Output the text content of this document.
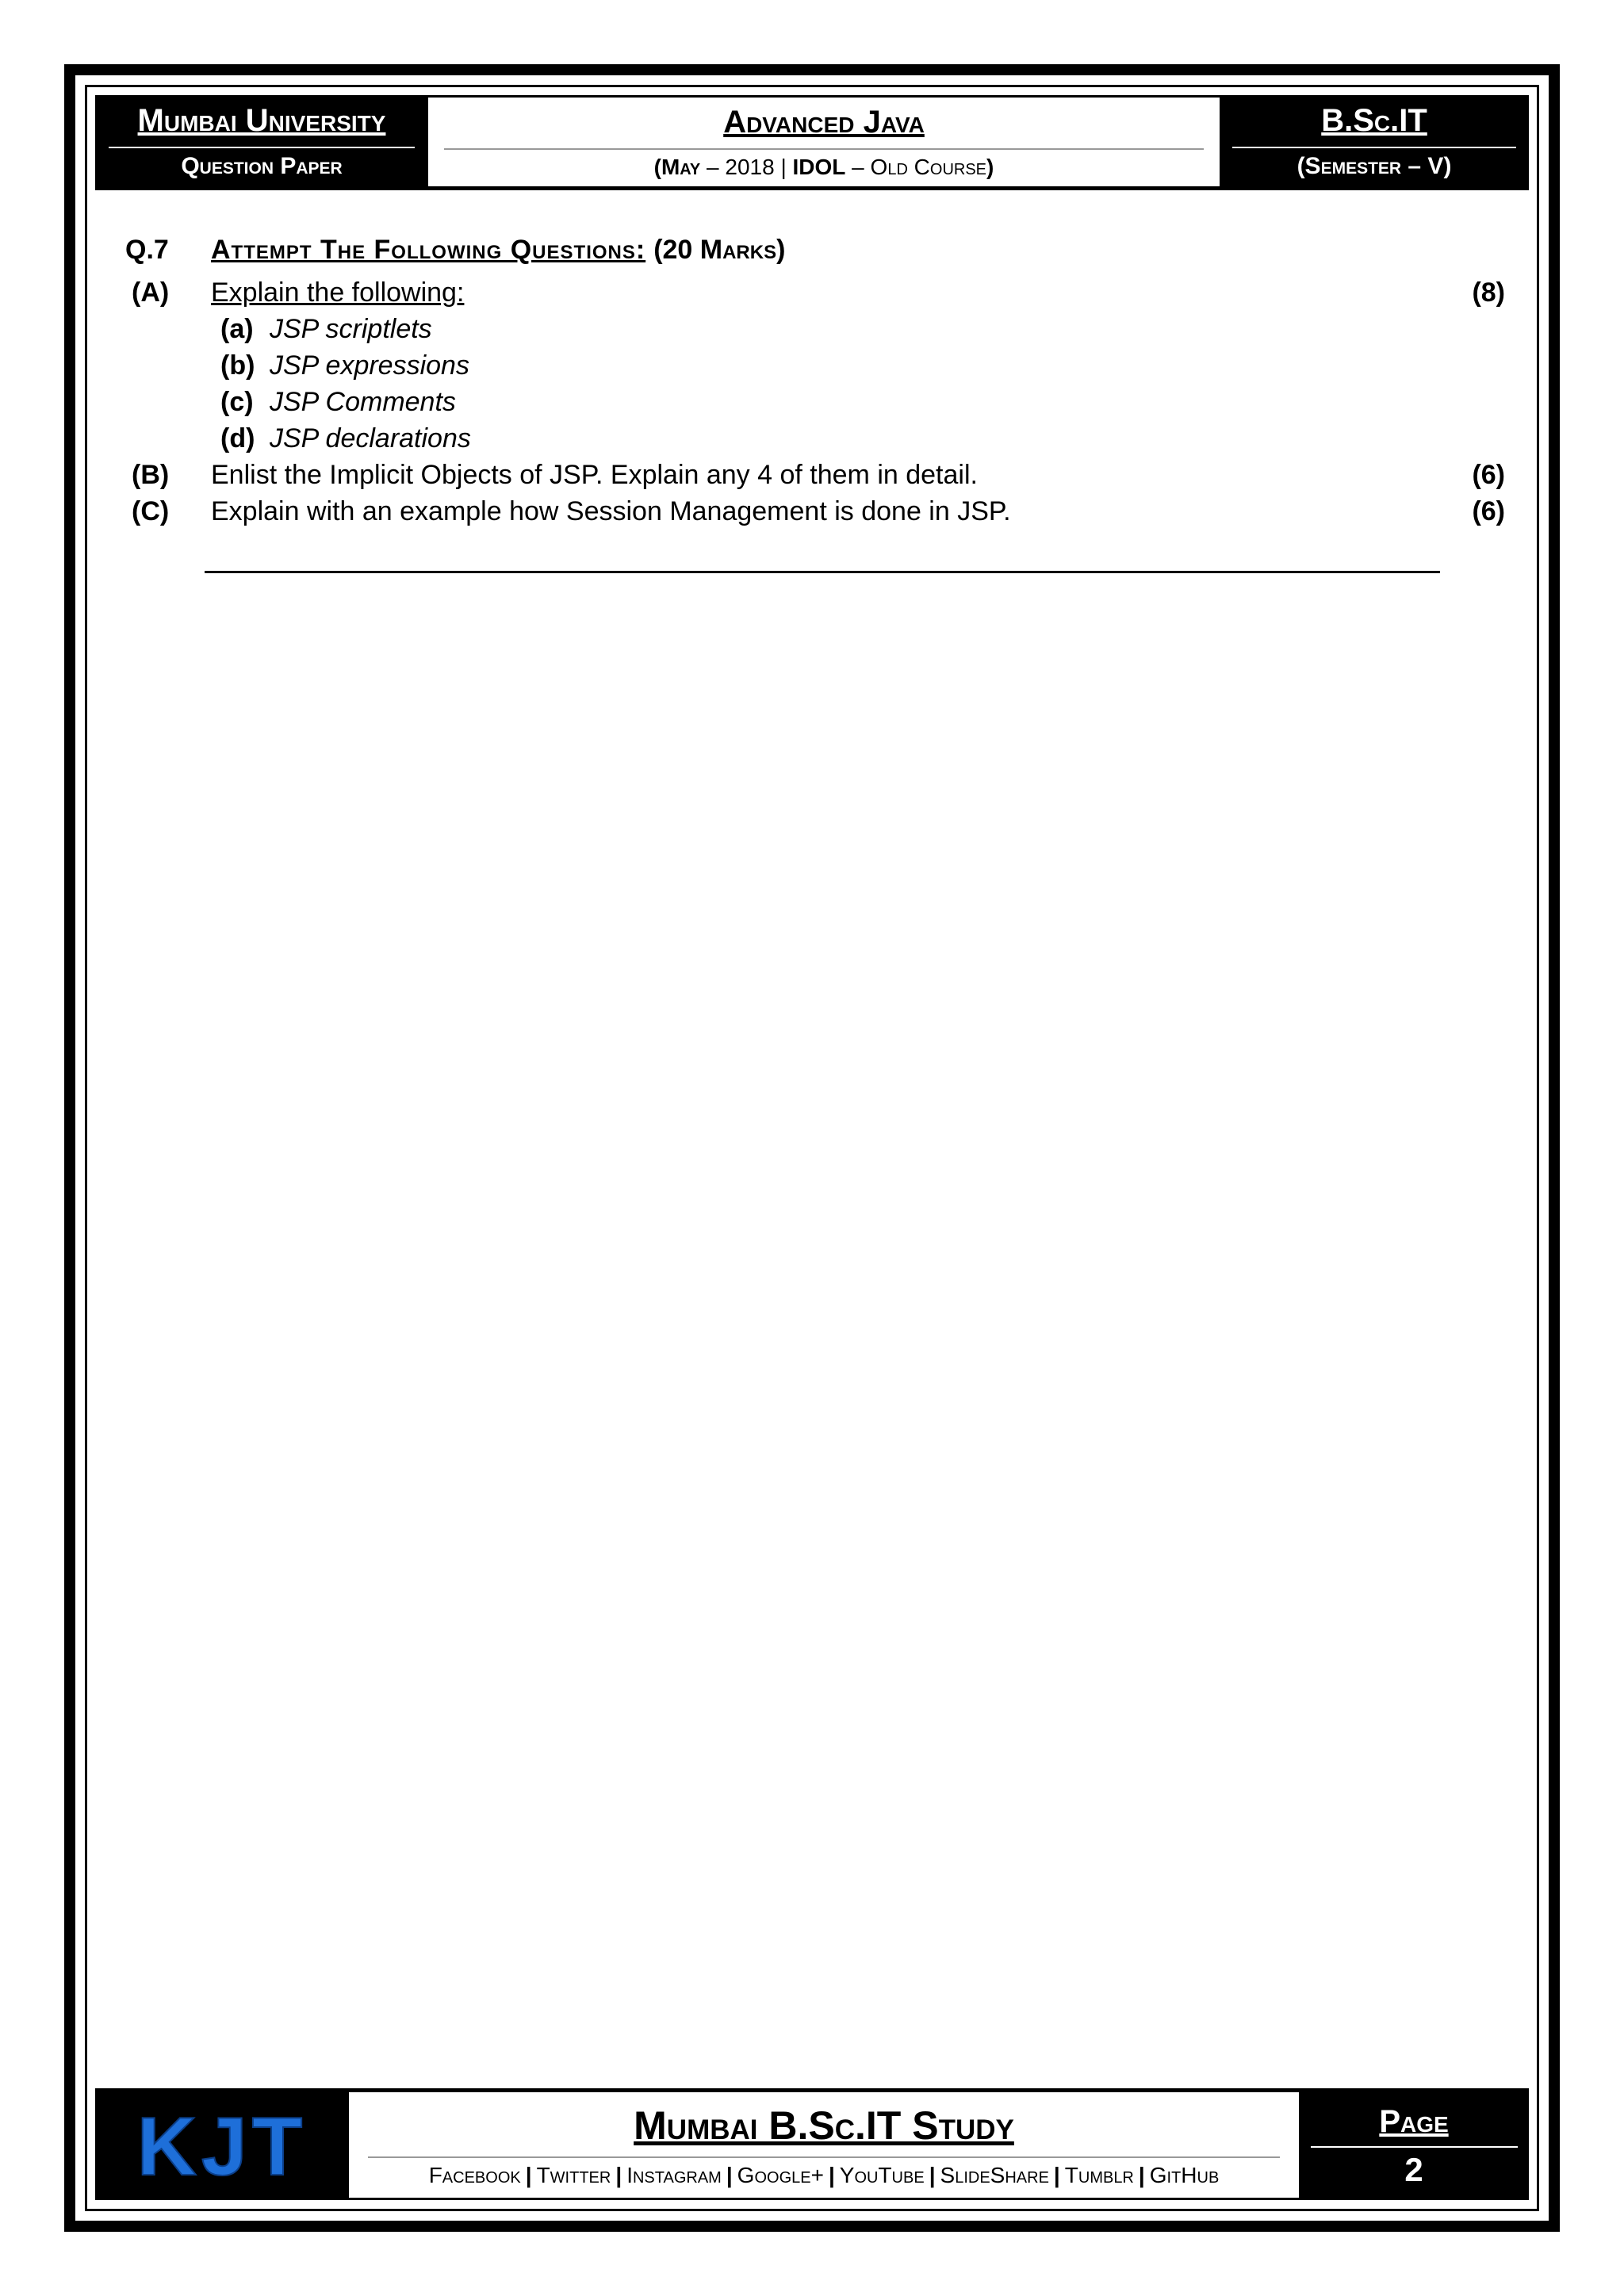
Mumbai University
Question Paper
Advanced Java
(May – 2018 | IDOL – Old Course)
B.Sc.IT
(Semester – V)
Q.7	Attempt The Following Questions: (20 Marks)
(A)	Explain the following:	(8)
(a) JSP scriptlets
(b) JSP expressions
(c) JSP Comments
(d) JSP declarations
(B)	Enlist the Implicit Objects of JSP. Explain any 4 of them in detail.	(6)
(C)	Explain with an example how Session Management is done in JSP.	(6)
KJT	Mumbai B.Sc.IT Study
Facebook | Twitter | Instagram | Google+ | YouTube | SlideShare | Tumblr | GitHub
Page
2
